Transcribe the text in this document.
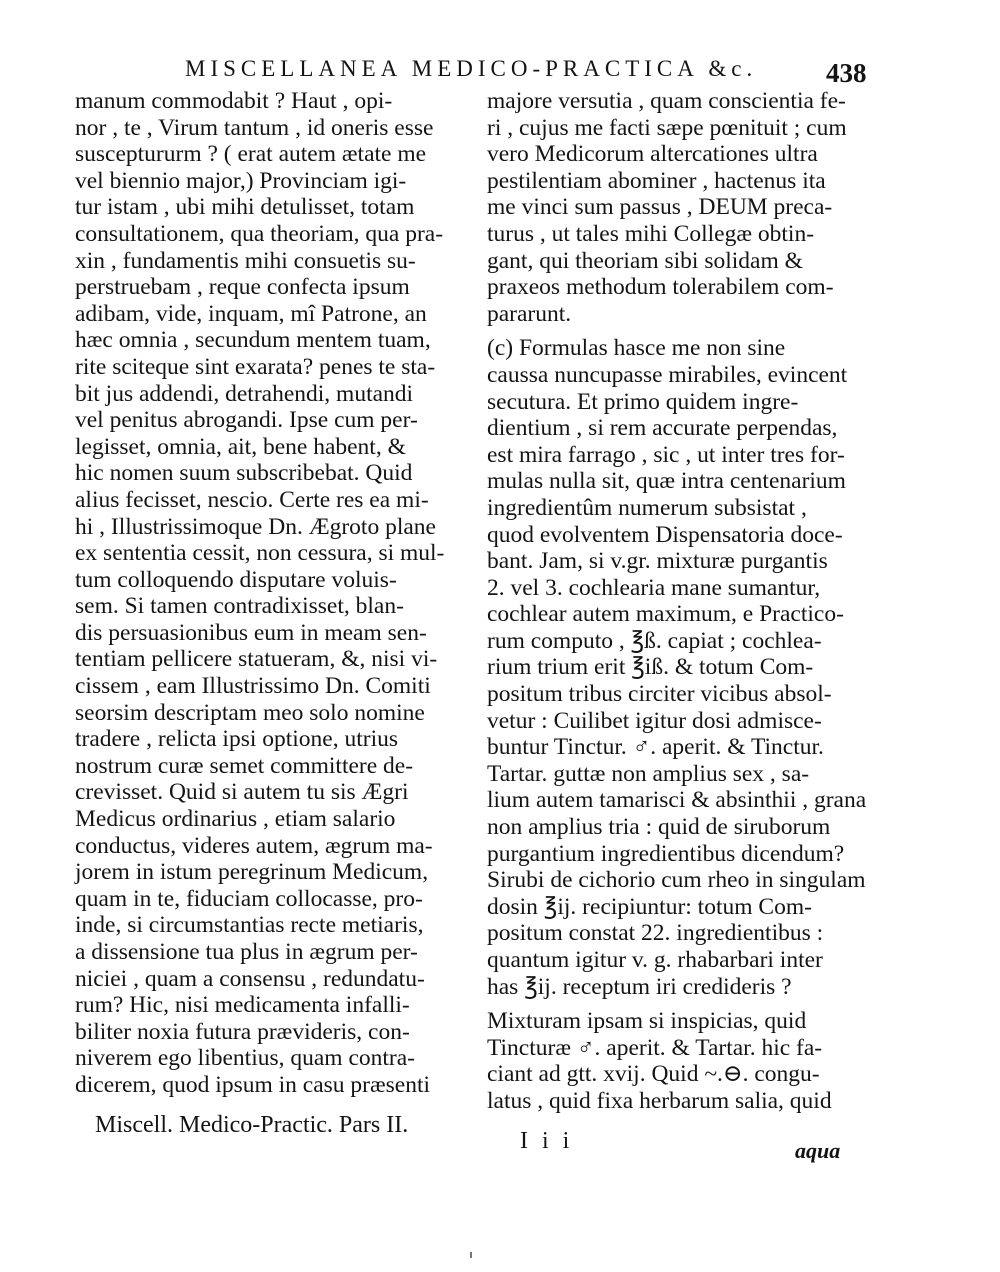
MISCELLANEA MEDICO-PRACTICA &c.	438
manum commodabit ? Haut , opi-
nor , te , Virum tantum , id oneris esse
susceptururm ? ( erat autem ætate me
vel biennio major,) Provinciam igi-
tur istam , ubi mihi detulisset, totam
consultationem, qua theoriam, qua pra-
xin , fundamentis mihi consuetis su-
perstruebam , reque confecta ipsum
adibam, vide, inquam, mî Patrone, an
hæc omnia , secundum mentem tuam,
rite sciteque sint exarata? penes te sta-
bit jus addendi, detrahendi, mutandi
vel penitus abrogandi. Ipse cum per-
legisset, omnia, ait, bene habent, &
hic nomen suum subscribebat. Quid
alius fecisset, nescio. Certe res ea mi-
hi , Illustrissimoque Dn. Ægroto plane
ex sententia cessit, non cessura, si mul-
tum colloquendo disputare voluis-
sem. Si tamen contradixisset, blan-
dis persuasionibus eum in meam sen-
tentiam pellicere statueram, &, nisi vi-
cissem , eam Illustrissimo Dn. Comiti
seorsim descriptam meo solo nomine
tradere , relicta ipsi optione, utrius
nostrum curæ semet committere de-
crevisset. Quid si autem tu sis Ægri
Medicus ordinarius , etiam salario
conductus, videres autem, ægrum ma-
jorem in istum peregrinum Medicum,
quam in te, fiduciam collocasse, pro-
inde, si circumstantias recte metiaris,
a dissensione tua plus in ægrum per-
niciei , quam a consensu , redundatu-
rum? Hic, nisi medicamenta infalli-
biliter noxia futura prævideris, con-
niverem ego libentius, quam contra-
dicerem, quod ipsum in casu præsenti
majore versutia , quam conscientia fe-
ri , cujus me facti sæpe pœnituit ; cum
vero Medicorum altercationes ultra
pestilentiam abominer , hactenus ita
me vinci sum passus , DEUM preca-
turus , ut tales mihi Collegæ obtin-
gant, qui theoriam sibi solidam &
praxeos methodum tolerabilem com-
pararunt.
(c) Formulas hasce me non sine
caussa nuncupasse mirabiles, evincent
secutura. Et primo quidem ingre-
dientium , si rem accurate perpendas,
est mira farrago , sic , ut inter tres for-
mulas nulla sit, quæ intra centenarium
ingredientûm numerum subsistat ,
quod evolventem Dispensatoria doce-
bant. Jam, si v.gr. mixturæ purgantis
2. vel 3. cochlearia mane sumantur,
cochlear autem maximum, e Practico-
rum computo , ℥ß. capiat ; cochlea-
rium trium erit ℥iß. & totum Com-
positum tribus circiter vicibus absol-
vetur : Cuilibet igitur dosi admisce-
buntur Tinctur. ♂. aperit. & Tinctur.
Tartar. guttæ non amplius sex , sa-
lium autem tamarisci & absinthii , grana
non amplius tria : quid de siruborum
purgantium ingredientibus dicendum?
Sirubi de cichorio cum rheo in singulam
dosin ℥ij. recipiuntur: totum Com-
positum constat 22. ingredientibus :
quantum igitur v. g. rhabarbari inter
has ℥ij. receptum iri credideris ?
Mixturam ipsam si inspicias, quid
Tincturæ ♂. aperit. & Tartar. hic fa-
ciant ad gtt. xvij. Quid ~.⊖. congu-
latus , quid fixa herbarum salia, quid
Miscell. Medico-Practic. Pars II.
I i i	aqua
